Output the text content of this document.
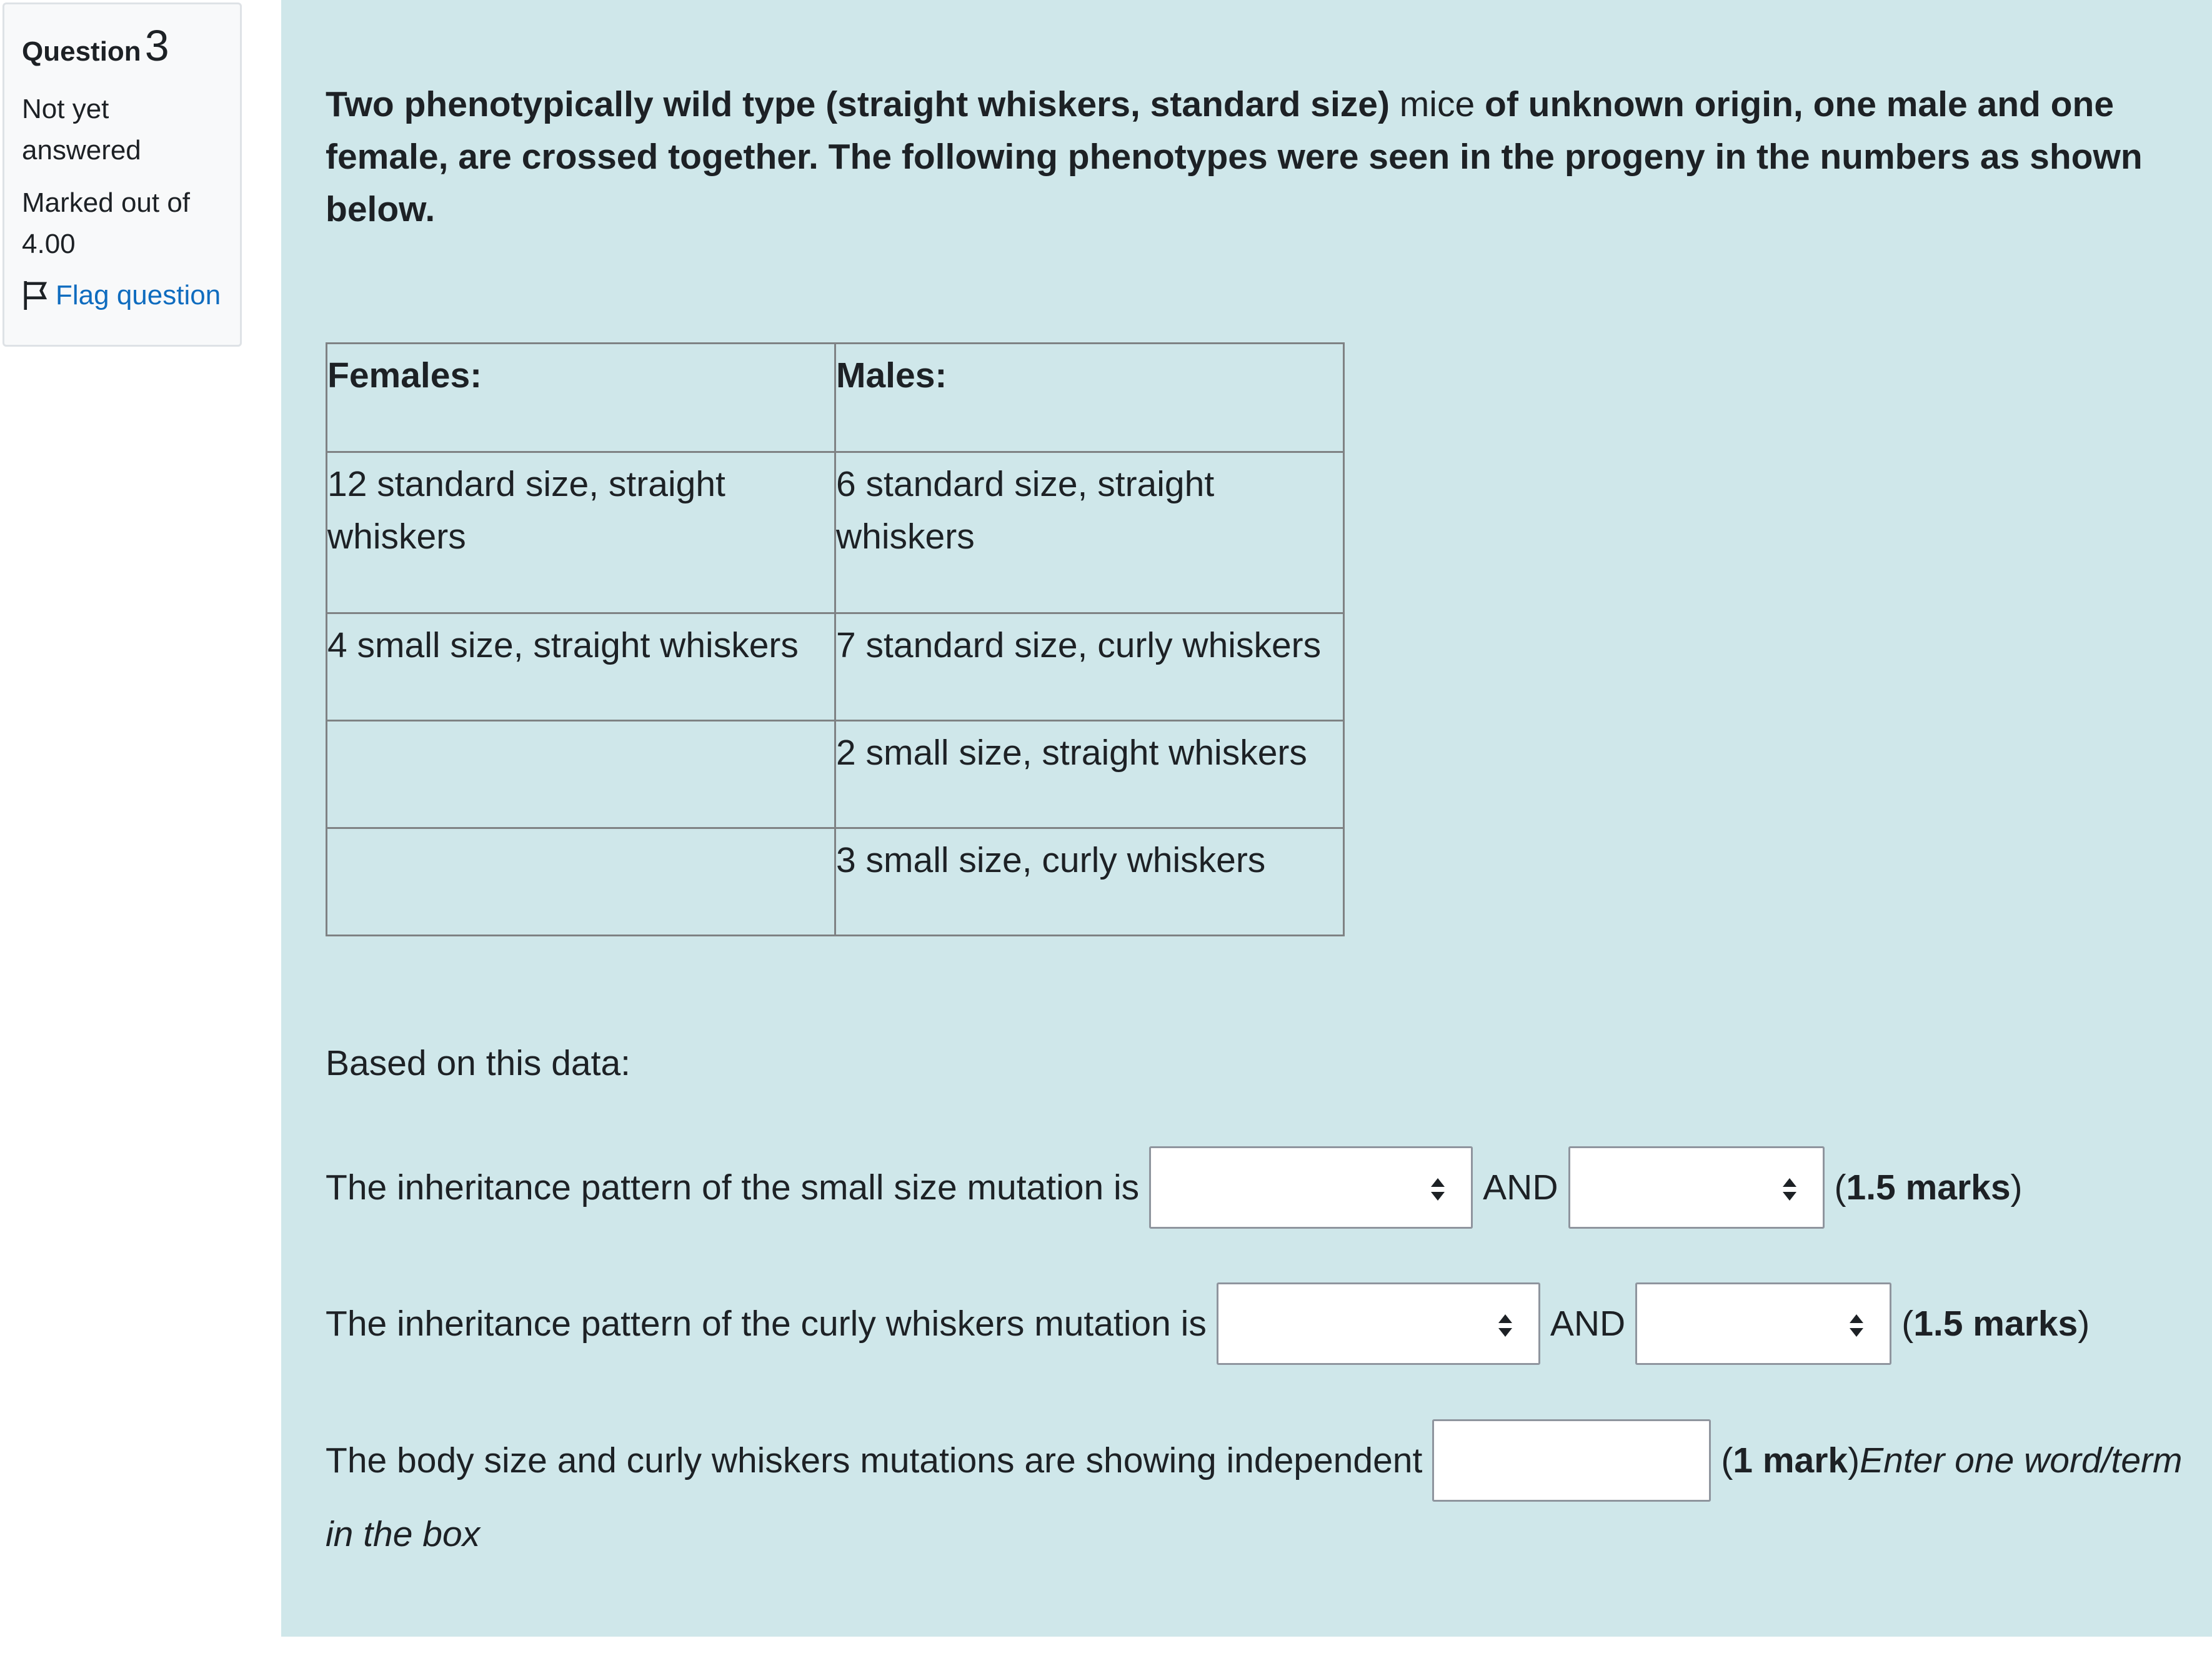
Question3
Not yet answered
Marked out of 4.00
Flag question

Two phenotypically wild type (straight whiskers, standard size) mice of unknown origin, one male and one female, are crossed together. The following phenotypes were seen in the progeny in the numbers as shown below.

Females:	Males:
12 standard size, straight whiskers	6 standard size, straight whiskers
4 small size, straight whiskers	7 standard size, curly whiskers
	2 small size, straight whiskers
	3 small size, curly whiskers

Based on this data:

The inheritance pattern of the small size mutation is	AND	(1.5 marks)
The inheritance pattern of the curly whiskers mutation is	AND	(1.5 marks)
The body size and curly whiskers mutations are showing independent	(1 mark) Enter one word/term
in the box
